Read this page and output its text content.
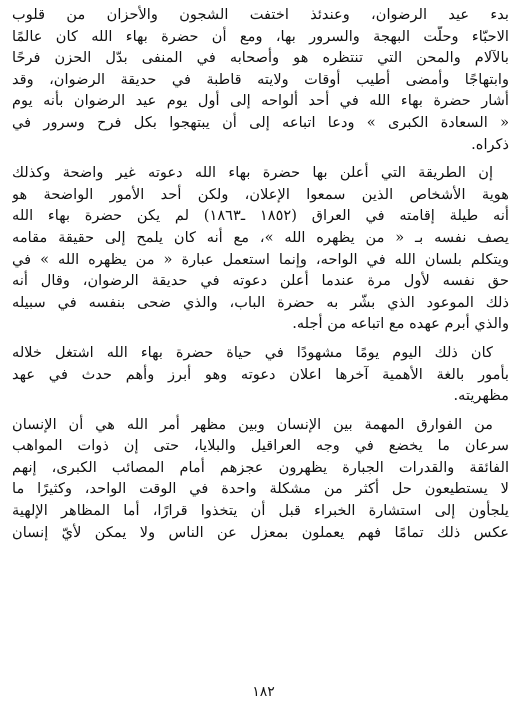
بدء عيد الرضوان، وعندئذ اختفت الشجون والأحزان من قلوب
الاحبّاء وحلّت البهجة والسرور بها، ومع أن حضرة بهاء الله كان عالمًا
بالآلام والمحن التي تنتظره هو وأصحابه في المنفى بدّل الحزن فرحًا
وابتهاجًا وأمضى أطيب أوقات ولايته قاطبة في حديقة الرضوان، وقد
أشار حضرة بهاء الله في أحد ألواحه إلى أول يوم عيد الرضوان بأنه يوم
« السعادة الكبرى » ودعا اتباعه إلى أن يبتهجوا بكل فرح وسرور في
ذكراه.
إن الطريقة التي أعلن بها حضرة بهاء الله دعوته غير واضحة وكذلك
هوية الأشخاص الذين سمعوا الإعلان، ولكن أحد الأمور الواضحة هو
أنه طيلة إقامته في العراق (١٨٥٢ ـ١٨٦٣) لم يكن حضرة بهاء الله
يصف نفسه بـ « من يظهره الله »، مع أنه كان يلمح إلى حقيقة مقامه
ويتكلم بلسان الله في الواحه، وإنما استعمل عبارة « من يظهره الله » في
حق نفسه لأول مرة عندما أعلن دعوته في حديقة الرضوان، وقال أنه
ذلك الموعود الذي بشّر به حضرة الباب، والذي ضحى بنفسه في سبيله
والذي أبرم عهده مع اتباعه من أجله.
كان ذلك اليوم يومًا مشهودًا في حياة حضرة بهاء الله اشتغل خلاله
بأمور بالغة الأهمية آخرها اعلان دعوته وهو أبرز وأهم حدث في عهد
مظهريته.
من الفوارق المهمة بين الإنسان وبين مظهر أمر الله هي أن الإنسان
سرعان ما يخضع في وجه العراقيل والبلايا، حتى إن ذوات المواهب
الفائقة والقدرات الجبارة يظهرون عجزهم أمام المصائب الكبرى، إنهم
لا يستطيعون حل أكثر من مشكلة واحدة في الوقت الواحد، وكثيرًا ما
يلجأون إلى استشارة الخبراء قبل أن يتخذوا قرارًا، أما المظاهر الإلهية
عكس ذلك تمامًا فهم يعملون بمعزل عن الناس ولا يمكن لأيّ إنسان
١٨٢
